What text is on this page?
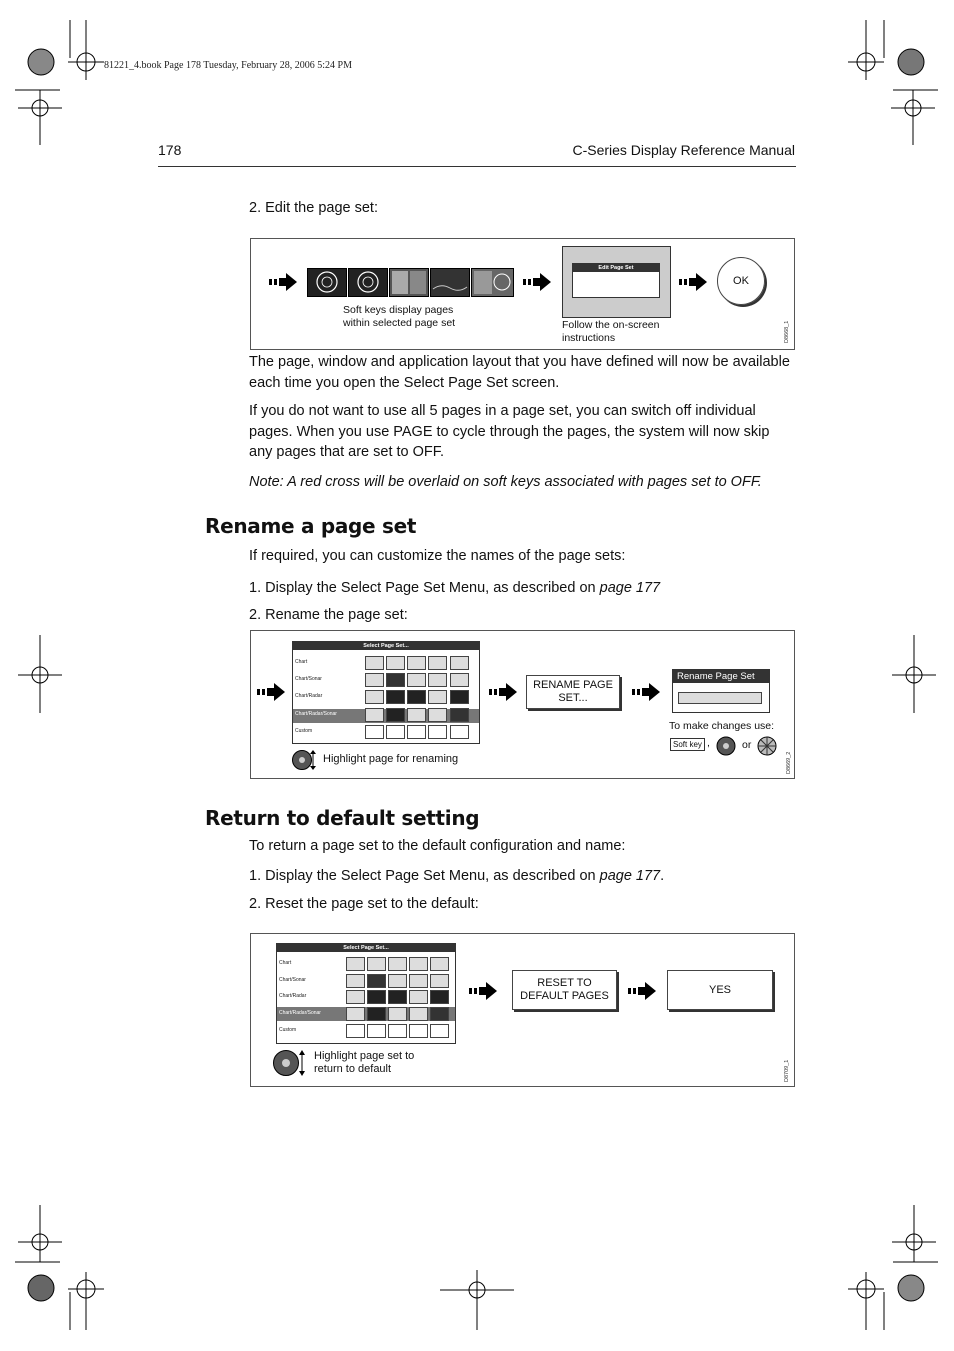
81221_4.book Page 178 Tuesday, February 28, 2006 5:24 PM
178	C-Series Display Reference Manual
2. Edit the page set:
Soft keys display pages
within selected page set
Edit Page Set
Follow the on-screen
instructions
OK
D8668_1
The page, window and application layout that you have defined will now be available each time you open the Select Page Set screen.
If you do not want to use all 5 pages in a page set, you can switch off individual pages. When you use PAGE to cycle through the pages, the system will now skip any pages that are set to OFF.
Note: A red cross will be overlaid on soft keys associated with pages set to OFF.
Rename a page set
If required, you can customize the names of the page sets:
1. Display the Select Page Set Menu, as described on page 177
2. Rename the page set:
Select Page Set...
Chart
Chart/Sonar
Chart/Radar
Chart/Radar/Sonar
Custom
Highlight page for renaming
RENAME PAGE
SET...
Rename Page Set
To make changes use:
Soft key ,	or
D8669_2
Return to default setting
To return a page set to the default configuration and name:
1. Display the Select Page Set Menu, as described on page 177.
2. Reset the page set to the default:
Select Page Set...
Chart
Chart/Sonar
Chart/Radar
Chart/Radar/Sonar
Custom
Highlight page set to
return to default
RESET TO
DEFAULT PAGES
YES
D8709_1
